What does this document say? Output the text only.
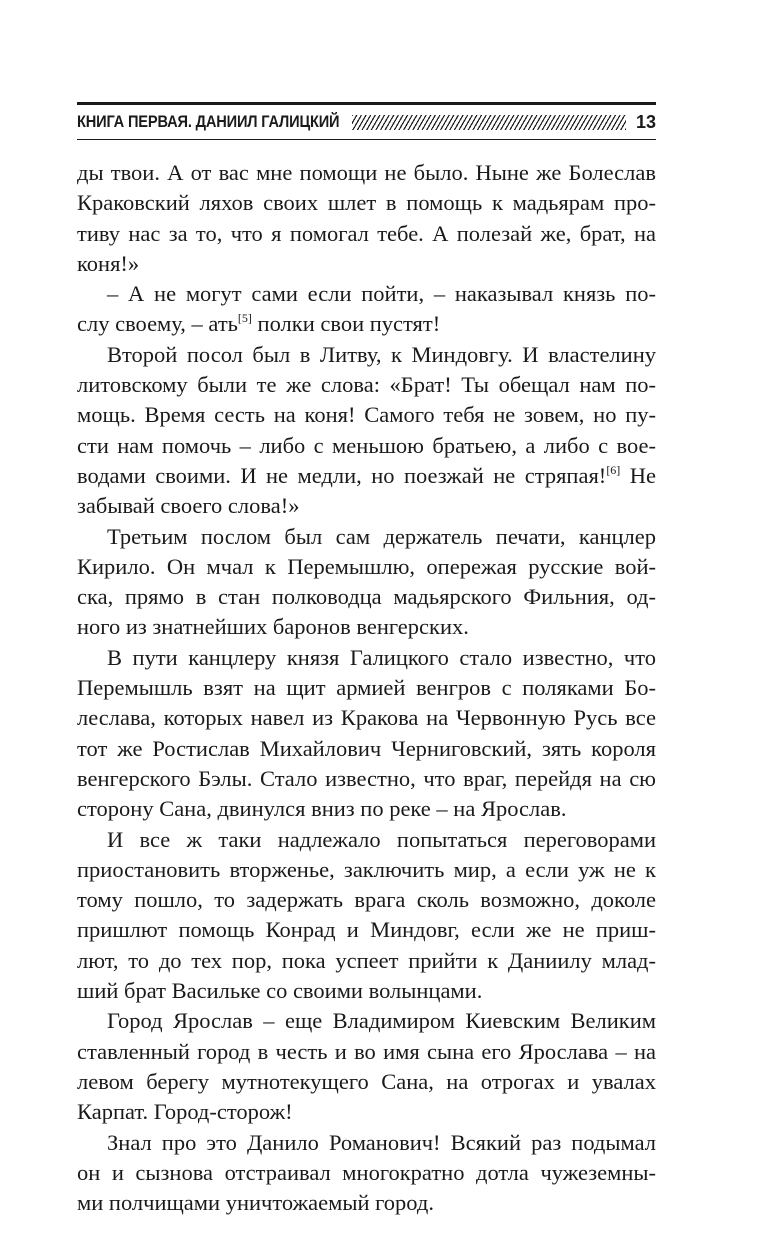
КНИГА ПЕРВАЯ. ДАНИИЛ ГАЛИЦКИЙ	13

ды твои. А от вас мне помощи не было. Ныне же Болеслав
Краковский ляхов своих шлет в помощь к мадьярам про-
тиву нас за то, что я помогал тебе. А полезай же, брат, на
коня!»

– А не могут сами если пойти, – наказывал князь по-
слу своему, – ать[5] полки свои пустят!

Второй посол был в Литву, к Миндовгу. И властелину
литовскому были те же слова: «Брат! Ты обещал нам по-
мощь. Время сесть на коня! Самого тебя не зовем, но пу-
сти нам помочь – либо с меньшою братьею, а либо с вое-
водами своими. И не медли, но поезжай не стряпая![6] Не
забывай своего слова!»

Третьим послом был сам держатель печати, канцлер
Кирило. Он мчал к Перемышлю, опережая русские вой-
ска, прямо в стан полководца мадьярского Фильния, од-
ного из знатнейших баронов венгерских.

В пути канцлеру князя Галицкого стало известно, что
Перемышль взят на щит армией венгров с поляками Бо-
леслава, которых навел из Кракова на Червонную Русь все
тот же Ростислав Михайлович Черниговский, зять короля
венгерского Бэлы. Стало известно, что враг, перейдя на сю
сторону Сана, двинулся вниз по реке – на Ярослав.

И все ж таки надлежало попытаться переговорами
приостановить вторженье, заключить мир, а если уж не к
тому пошло, то задержать врага сколь возможно, доколе
пришлют помощь Конрад и Миндовг, если же не приш-
лют, то до тех пор, пока успеет прийти к Даниилу млад-
ший брат Васильке со своими волынцами.

Город Ярослав – еще Владимиром Киевским Великим
ставленный город в честь и во имя сына его Ярослава – на
левом берегу мутнотекущего Сана, на отрогах и увалах
Карпат. Город-сторож!

Знал про это Данило Романович! Всякий раз подымал
он и сызнова отстраивал многократно дотла чужеземны-
ми полчищами уничтожаемый город.
